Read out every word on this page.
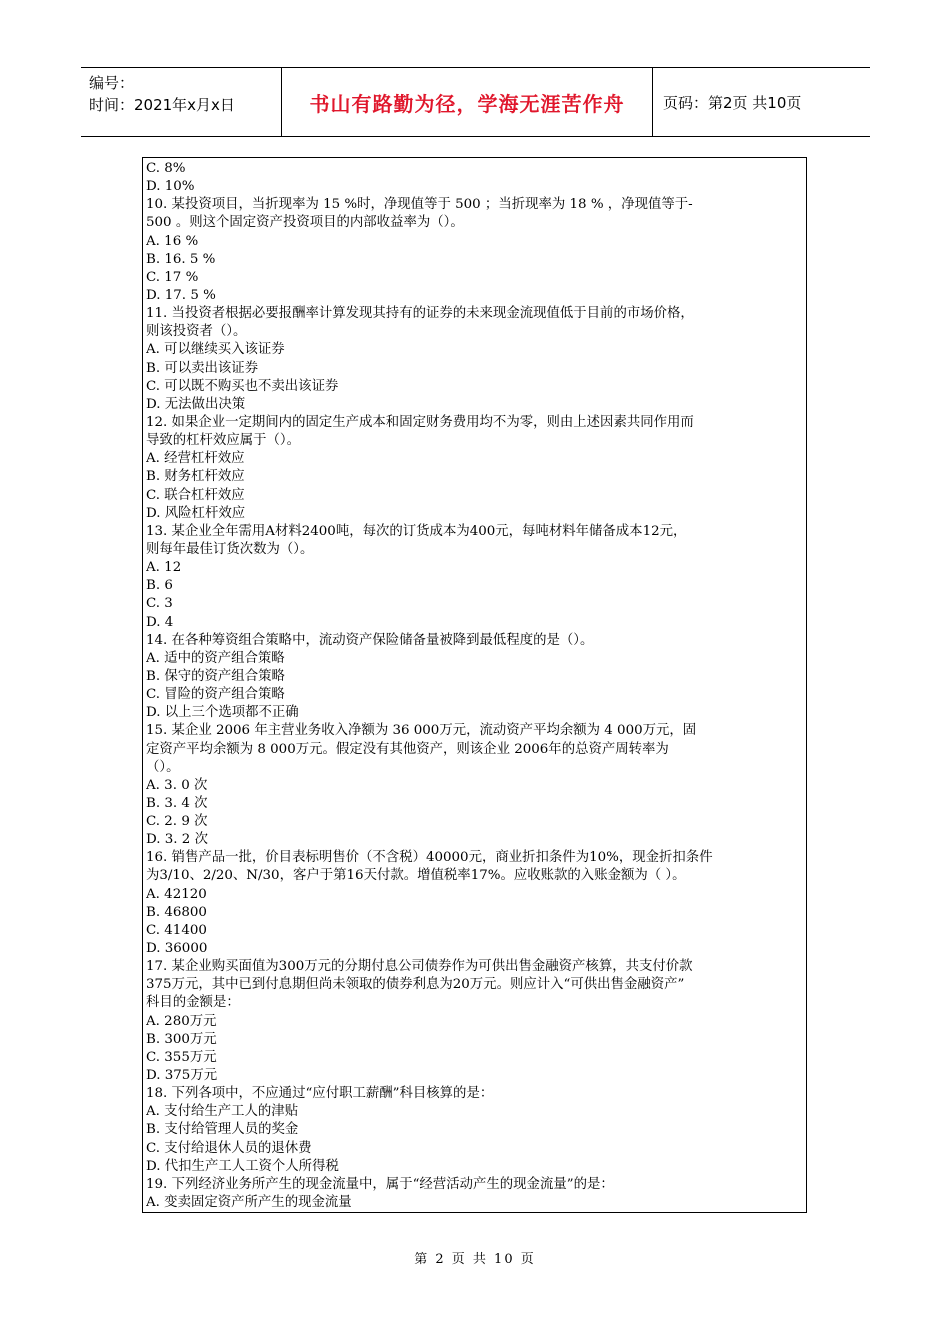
编号：
时间：2021年x月x日	书山有路勤为径，学海无涯苦作舟	页码：第2页 共10页
C. 8%
D. 10%
10. 某投资项目，当折现率为 15 %时，净现值等于 500 ；当折现率为 18 % ，净现值等于-
500 。则这个固定资产投资项目的内部收益率为（）。
A. 16 %
B. 16. 5 %
C. 17 %
D. 17. 5 %
11. 当投资者根据必要报酬率计算发现其持有的证券的未来现金流现值低于目前的市场价格，
则该投资者（）。
A. 可以继续买入该证券
B. 可以卖出该证券
C. 可以既不购买也不卖出该证券
D. 无法做出决策
12. 如果企业一定期间内的固定生产成本和固定财务费用均不为零，则由上述因素共同作用而
导致的杠杆效应属于（）。
A. 经营杠杆效应
B. 财务杠杆效应
C. 联合杠杆效应
D. 风险杠杆效应
13. 某企业全年需用A材料2400吨，每次的订货成本为400元，每吨材料年储备成本12元，
则每年最佳订货次数为（）。
A. 12
B. 6
C. 3
D. 4
14. 在各种筹资组合策略中，流动资产保险储备量被降到最低程度的是（）。
A. 适中的资产组合策略
B. 保守的资产组合策略
C. 冒险的资产组合策略
D. 以上三个选项都不正确
15. 某企业 2006 年主营业务收入净额为 36 000万元，流动资产平均余额为 4 000万元，固
定资产平均余额为 8 000万元。假定没有其他资产，则该企业 2006年的总资产周转率为
（）。
A. 3. 0 次
B. 3. 4 次
C. 2. 9 次
D. 3. 2 次
16. 销售产品一批，价目表标明售价（不含税）40000元，商业折扣条件为10%，现金折扣条件
为3/10、2/20、N/30，客户于第16天付款。增值税率17%。应收账款的入账金额为（ ）。
A. 42120
B. 46800
C. 41400
D. 36000
17. 某企业购买面值为300万元的分期付息公司债券作为可供出售金融资产核算，共支付价款
375万元，其中已到付息期但尚未领取的债券利息为20万元。则应计入“可供出售金融资产”
科目的金额是：
A. 280万元
B. 300万元
C. 355万元
D. 375万元
18. 下列各项中，不应通过“应付职工薪酬”科目核算的是：
A. 支付给生产工人的津贴
B. 支付给管理人员的奖金
C. 支付给退休人员的退休费
D. 代扣生产工人工资个人所得税
19. 下列经济业务所产生的现金流量中，属于“经营活动产生的现金流量”的是：
A. 变卖固定资产所产生的现金流量
第 2 页 共 10 页
